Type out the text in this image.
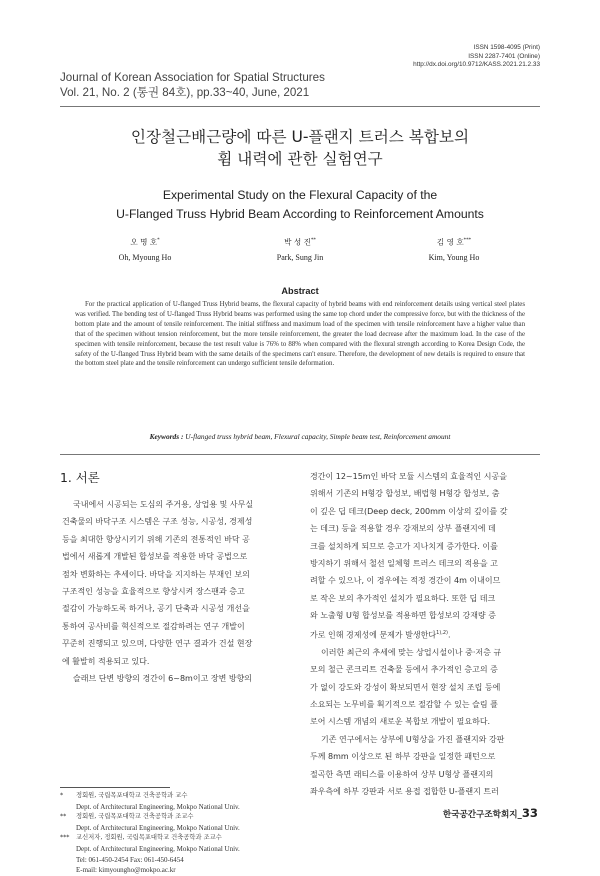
ISSN 1598-4095 (Print)
ISSN 2287-7401 (Online)
http://dx.doi.org/10.9712/KASS.2021.21.2.33
Journal of Korean Association for Spatial Structures
Vol. 21, No. 2 (통권 84호), pp.33~40, June, 2021
인장철근배근량에 따른 U-플랜지 트러스 복합보의
휨 내력에 관한 실험연구
Experimental Study on the Flexural Capacity of the
U-Flanged Truss Hybrid Beam According to Reinforcement Amounts
오 명 호*
Oh, Myoung Ho
박 성 진**
Park, Sung Jin
김 영 호***
Kim, Young Ho
Abstract
For the practical application of U-flanged Truss Hybrid beams, the flexural capacity of hybrid beams with end reinforcement details using vertical steel plates was verified. The bending test of U-flanged Truss Hybrid beams was performed using the same top chord under the compressive force, but with the thickness of the bottom plate and the amount of tensile reinforcement. The initial stiffness and maximum load of the specimen with tensile reinforcement have a higher value than that of the specimen without tension reinforcement, but the more tensile reinforcement, the greater the load decrease after the maximum load. In the case of the specimen with tensile reinforcement, because the test result value is 76% to 88% when compared with the flexural strength according to Korea Design Code, the safety of the U-flanged Truss Hybrid beam with the same details of the specimens can't ensure. Therefore, the development of new details is required to ensure that the bottom steel plate and the tensile reinforcement can undergo sufficient tensile deformation.
Keywords : U-flanged truss hybrid beam, Flexural capacity, Simple beam test, Reinforcement amount
1. 서론
국내에서 시공되는 도심의 주거용, 상업용 및 사무실
건축물의 바닥구조 시스템은 구조 성능, 시공성, 경제성
등을 최대한 향상시키기 위해 기존의 전통적인 바닥 공
법에서 새롭게 개발된 합성보를 적용한 바닥 공법으로
점차 변화하는 추세이다. 바닥을 지지하는 부재인 보의
구조적인 성능을 효율적으로 향상시켜 장스팬과 층고
절감이 가능하도록 하거나, 공기 단축과 시공성 개선을
통하여 공사비를 혁신적으로 절감하려는 연구 개발이
꾸준히 진행되고 있으며, 다양한 연구 결과가 건설 현장
에 활발히 적용되고 있다.
슬래브 단변 방향의 경간이 6~8m이고 장변 방향의
경간이 12~15m인 바닥 모듈 시스템의 효율적인 시공을
위해서 기존의 H형강 합성보, 배럽형 H형강 합성보, 춤
이 깊은 딥 데크(Deep deck, 200mm 이상의 깊이를 갖
는 데크) 등을 적용할 경우 강재보의 상부 플랜지에 데
크를 설치하게 되므로 층고가 지나치게 증가한다. 이를
방지하기 위해서 철선 일체형 트러스 데크의 적용을 고
려할 수 있으나, 이 경우에는 적정 경간이 4m 이내이므
로 작은 보의 추가적인 설치가 필요하다. 또한 딥 데크
와 노출형 U형 합성보를 적용하면 합성보의 강재량 증
가로 인해 경제성에 문제가 발생한다$^{1),2)}$.
이러한 최근의 추세에 맞는 상업시설이나 중·저층 규
모의 철근 콘크리트 건축물 등에서 추가적인 층고의 증
가 없이 강도와 강성이 확보되면서 현장 설치 조립 등에
소요되는 노무비를 획기적으로 절감할 수 있는 슬림 플
로어 시스템 개념의 새로운 복합보 개발이 필요하다.
기존 연구에서는 상부에 U형상을 가진 플랜지와 강판
두께 8mm 이상으로 된 하부 강판을 일정한 패턴으로
절곡한 측면 래티스를 이용하여 상부 U형상 플랜지의
좌우측에 하부 강판과 서로 용접 접합한 U-플랜지 트러
*	정회원, 국립목포대학교 건축공학과 교수
Dept. of Architectural Engineering, Mokpo National Univ.
**	정회원, 국립목포대학교 건축공학과 조교수
Dept. of Architectural Engineering, Mokpo National Univ.
***	교신저자, 정회원, 국립목포대학교 건축공학과 조교수
Dept. of Architectural Engineering, Mokpo National Univ.
Tel: 061-450-2454 Fax: 061-450-6454
E-mail: kimyoungho@mokpo.ac.kr
한국공간구조학회지_33
